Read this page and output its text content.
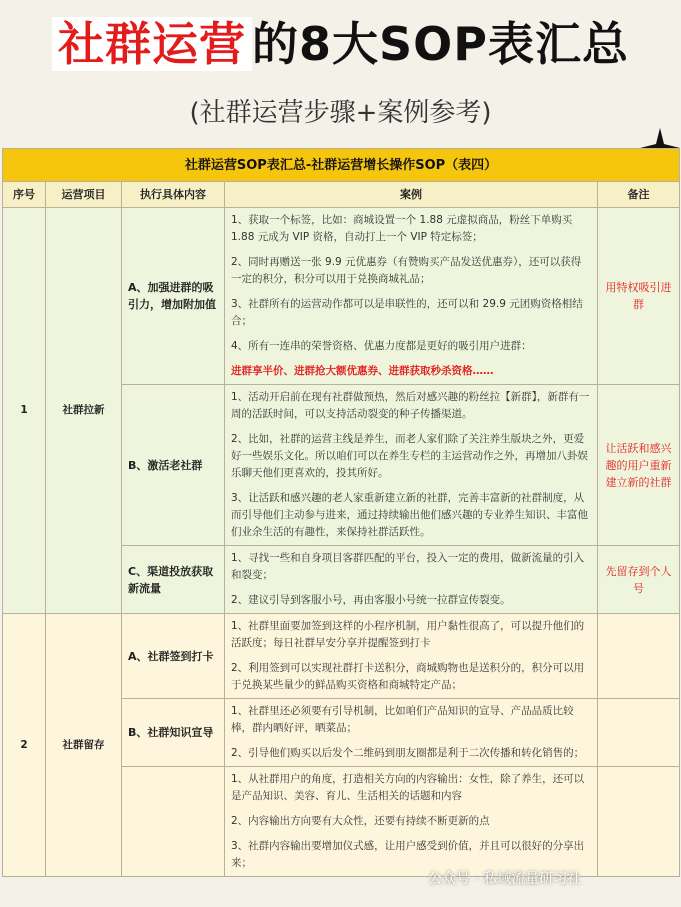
社群运营 的8大SOP表汇总
(社群运营步骤+案例参考)
社群运营SOP表汇总-社群运营增长操作SOP（表四）				
序号	运营项目	执行具体内容	案例	备注
1	社群拉新	A、加强进群的吸引力，增加附加值	1、获取一个标签，比如：商城设置一个 1.88 元虚拟商品，粉丝下单购买 1.88 元成为 VIP 资格，自动打上一个 VIP 特定标签；

2、同时再赠送一张 9.9 元优惠券（有赞购买产品发送优惠券），还可以获得一定的积分，积分可以用于兑换商城礼品；

3、社群所有的运营动作都可以是串联性的，还可以和 29.9 元团购资格相结合；

4、所有一连串的荣誉资格、优惠力度都是更好的吸引用户进群：

进群享半价、进群抢大额优惠券、进群获取秒杀资格……	用特权吸引进群
		B、激活老社群	1、活动开启前在现有社群做预热，然后对感兴趣的粉丝拉【新群】，新群有一周的活跃时间，可以支持活动裂变的种子传播渠道。

2、比如，社群的运营主线是养生，而老人家们除了关注养生版块之外，更爱好一些娱乐文化。所以咱们可以在养生专栏的主运营动作之外，再增加八卦娱乐聊天他们更喜欢的，投其所好。

3、让活跃和感兴趣的老人家重新建立新的社群，完善丰富新的社群制度，从而引导他们主动参与进来，通过持续输出他们感兴趣的专业养生知识、丰富他们业余生活的有趣性，来保持社群活跃性。	让活跃和感兴趣的用户重新建立新的社群
		C、渠道投放获取新流量	1、寻找一些和自身项目客群匹配的平台，投入一定的费用，做新流量的引入和裂变；

2、建议引导到客服小号，再由客服小号统一拉群宣传裂变。	先留存到个人号
2	社群留存	A、社群签到打卡	1、社群里面要加签到这样的小程序机制，用户黏性很高了，可以提升他们的活跃度；每日社群早安分享并提醒签到打卡

2、利用签到可以实现社群打卡送积分，商城购物也是送积分的，积分可以用于兑换某些量少的鲜品购买资格和商城特定产品；	

		B、社群知识宣导	1、社群里还必须要有引导机制，比如咱们产品知识的宣导、产品品质比较棒，群内晒好评，晒菜品；

2、引导他们购买以后发个二维码到朋友圈都是利于二次传播和转化销售的；	

			1、从社群用户的角度，打造相关方向的内容输出：女性，除了养生，还可以是产品知识、美容、育儿、生活相关的话题和内容

2、内容输出方向要有大众性，还要有持续不断更新的点

3、社群内容输出要增加仪式感，让用户感受到价值，并且可以很好的分享出来；	

公众号 · 私域流量研习社
